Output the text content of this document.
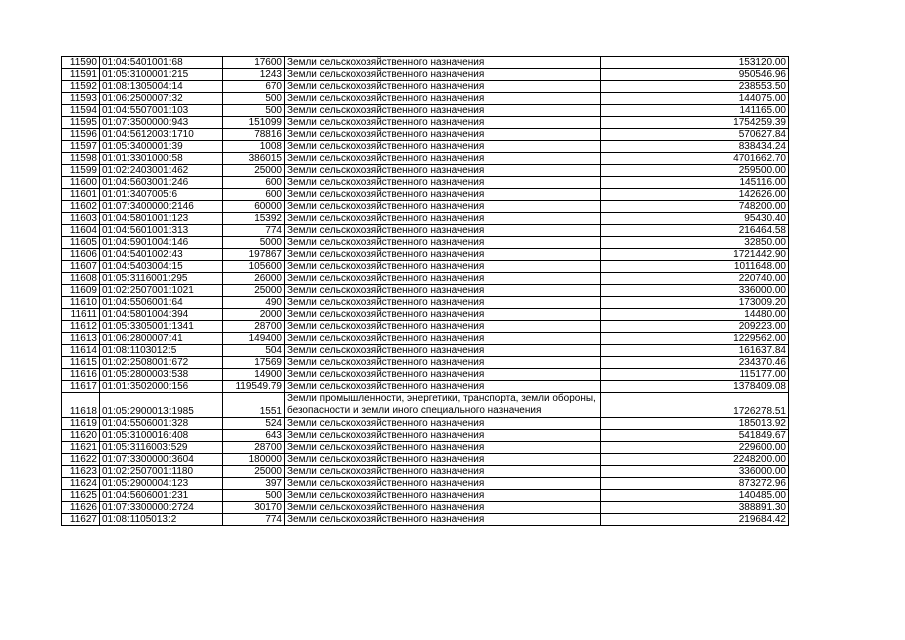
11590	01:04:5401001:68	17600	Земли сельскохозяйственного назначения	153120.00
11591	01:05:3100001:215	1243	Земли сельскохозяйственного назначения	950546.96
11592	01:08:1305004:14	670	Земли сельскохозяйственного назначения	238553.50
11593	01:06:2500007:32	500	Земли сельскохозяйственного назначения	144075.00
11594	01:04:5507001:103	500	Земли сельскохозяйственного назначения	141165.00
11595	01:07:3500000:943	151099	Земли сельскохозяйственного назначения	1754259.39
11596	01:04:5612003:1710	78816	Земли сельскохозяйственного назначения	570627.84
11597	01:05:3400001:39	1008	Земли сельскохозяйственного назначения	838434.24
11598	01:01:3301000:58	386015	Земли сельскохозяйственного назначения	4701662.70
11599	01:02:2403001:462	25000	Земли сельскохозяйственного назначения	259500.00
11600	01:04:5603001:246	600	Земли сельскохозяйственного назначения	145116.00
11601	01:01:3407005:6	600	Земли сельскохозяйственного назначения	142626.00
11602	01:07:3400000:2146	60000	Земли сельскохозяйственного назначения	748200.00
11603	01:04:5801001:123	15392	Земли сельскохозяйственного назначения	95430.40
11604	01:04:5601001:313	774	Земли сельскохозяйственного назначения	216464.58
11605	01:04:5901004:146	5000	Земли сельскохозяйственного назначения	32850.00
11606	01:04:5401002:43	197867	Земли сельскохозяйственного назначения	1721442.90
11607	01:04:5403004:15	105600	Земли сельскохозяйственного назначения	1011648.00
11608	01:05:3116001:295	26000	Земли сельскохозяйственного назначения	220740.00
11609	01:02:2507001:1021	25000	Земли сельскохозяйственного назначения	336000.00
11610	01:04:5506001:64	490	Земли сельскохозяйственного назначения	173009.20
11611	01:04:5801004:394	2000	Земли сельскохозяйственного назначения	14480.00
11612	01:05:3305001:1341	28700	Земли сельскохозяйственного назначения	209223.00
11613	01:06:2800007:41	149400	Земли сельскохозяйственного назначения	1229562.00
11614	01:08:1103012:5	504	Земли сельскохозяйственного назначения	161637.84
11615	01:02:2508001:672	17569	Земли сельскохозяйственного назначения	234370.46
11616	01:05:2800003:538	14900	Земли сельскохозяйственного назначения	115177.00
11617	01:01:3502000:156	119549.79	Земли сельскохозяйственного назначения	1378409.08
11618	01:05:2900013:1985	1551	Земли промышленности, энергетики, транспорта, земли обороны, безопасности и земли иного специального назначения	1726278.51
11619	01:04:5506001:328	524	Земли сельскохозяйственного назначения	185013.92
11620	01:05:3100016:408	643	Земли сельскохозяйственного назначения	541849.67
11621	01:05:3116003:529	28700	Земли сельскохозяйственного назначения	229600.00
11622	01:07:3300000:3604	180000	Земли сельскохозяйственного назначения	2248200.00
11623	01:02:2507001:1180	25000	Земли сельскохозяйственного назначения	336000.00
11624	01:05:2900004:123	397	Земли сельскохозяйственного назначения	873272.96
11625	01:04:5606001:231	500	Земли сельскохозяйственного назначения	140485.00
11626	01:07:3300000:2724	30170	Земли сельскохозяйственного назначения	388891.30
11627	01:08:1105013:2	774	Земли сельскохозяйственного назначения	219684.42
